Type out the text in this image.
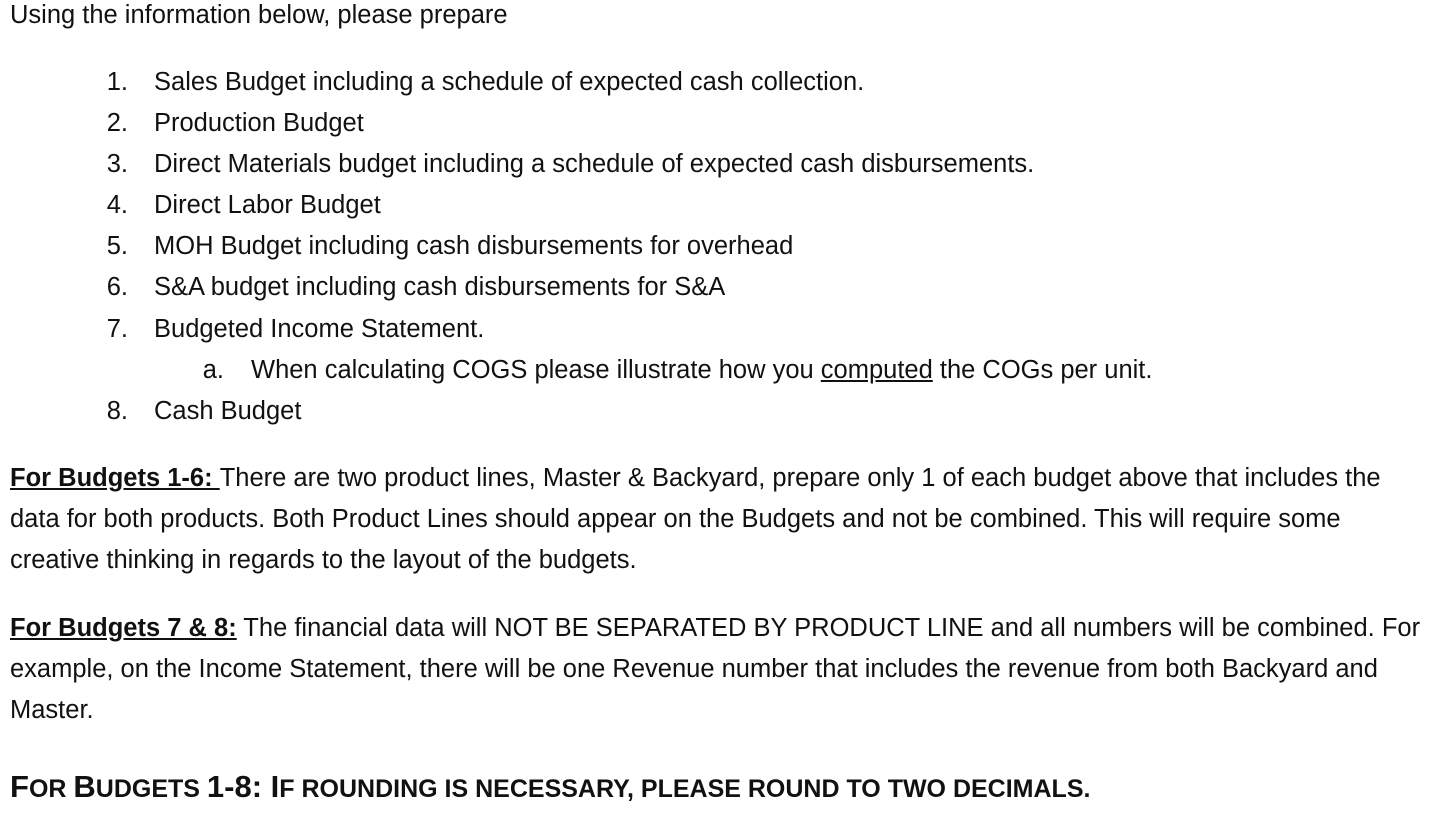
Using the information below, please prepare
1. Sales Budget including a schedule of expected cash collection.
2. Production Budget
3. Direct Materials budget including a schedule of expected cash disbursements.
4. Direct Labor Budget
5. MOH Budget including cash disbursements for overhead
6. S&A budget including cash disbursements for S&A
7. Budgeted Income Statement.
a. When calculating COGS please illustrate how you computed the COGs per unit.
8. Cash Budget
For Budgets 1-6: There are two product lines, Master & Backyard, prepare only 1 of each budget above that includes the data for both products. Both Product Lines should appear on the Budgets and not be combined. This will require some creative thinking in regards to the layout of the budgets.
For Budgets 7 & 8: The financial data will NOT BE SEPARATED BY PRODUCT LINE and all numbers will be combined. For example, on the Income Statement, there will be one Revenue number that includes the revenue from both Backyard and Master.
FOR BUDGETS 1-8: IF ROUNDING IS NECESSARY, PLEASE ROUND TO TWO DECIMALS.
